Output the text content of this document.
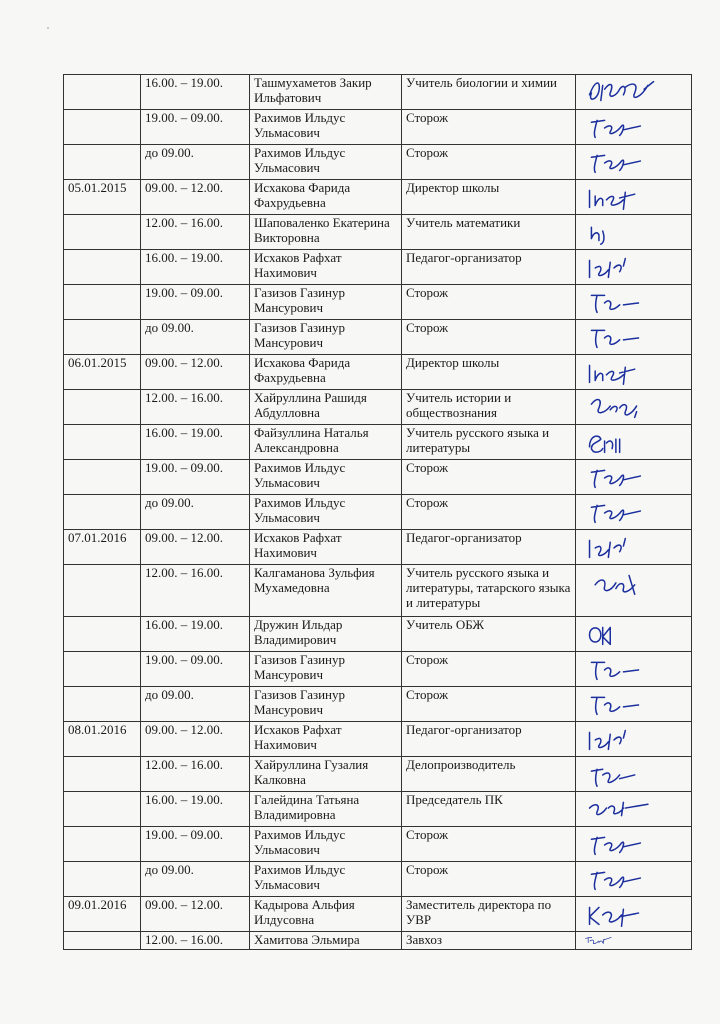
	16.00. – 19.00.	Ташмухаметов Закир Ильфатович	Учитель биологии и химии	

	19.00. – 09.00.	Рахимов Ильдус Ульмасович	Сторож	

	до 09.00.	Рахимов Ильдус Ульмасович	Сторож	

05.01.2015	09.00. – 12.00.	Исхакова Фарида Фахрудьевна	Директор школы	

	12.00. – 16.00.	Шаповаленко Екатерина Викторовна	Учитель математики	

	16.00. – 19.00.	Исхаков Рафхат Нахимович	Педагог-организатор	

	19.00. – 09.00.	Газизов Газинур Мансурович	Сторож	

	до 09.00.	Газизов Газинур Мансурович	Сторож	

06.01.2015	09.00. – 12.00.	Исхакова Фарида Фахрудьевна	Директор школы	

	12.00. – 16.00.	Хайруллина Рашидя Абдулловна	Учитель истории и обществознания	

	16.00. – 19.00.	Файзуллина Наталья Александровна	Учитель русского языка и литературы	

	19.00. – 09.00.	Рахимов Ильдус Ульмасович	Сторож	

	до 09.00.	Рахимов Ильдус Ульмасович	Сторож	

07.01.2016	09.00. – 12.00.	Исхаков Рафхат Нахимович	Педагог-организатор	

	12.00. – 16.00.	Калгаманова Зульфия Мухамедовна	Учитель русского языка и литературы, татарского языка и литературы	

	16.00. – 19.00.	Дружин Ильдар Владимирович	Учитель ОБЖ	

	19.00. – 09.00.	Газизов Газинур Мансурович	Сторож	

	до 09.00.	Газизов Газинур Мансурович	Сторож	

08.01.2016	09.00. – 12.00.	Исхаков Рафхат Нахимович	Педагог-организатор	

	12.00. – 16.00.	Хайруллина Гузалия Калковна	Делопроизводитель	

	16.00. – 19.00.	Галейдина Татьяна Владимировна	Председатель ПК	

	19.00. – 09.00.	Рахимов Ильдус Ульмасович	Сторож	

	до 09.00.	Рахимов Ильдус Ульмасович	Сторож	

09.01.2016	09.00. – 12.00.	Кадырова Альфия Илдусовна	Заместитель директора по УВР	

	12.00. – 16.00.	Хамитова Эльмира	Завхоз	
